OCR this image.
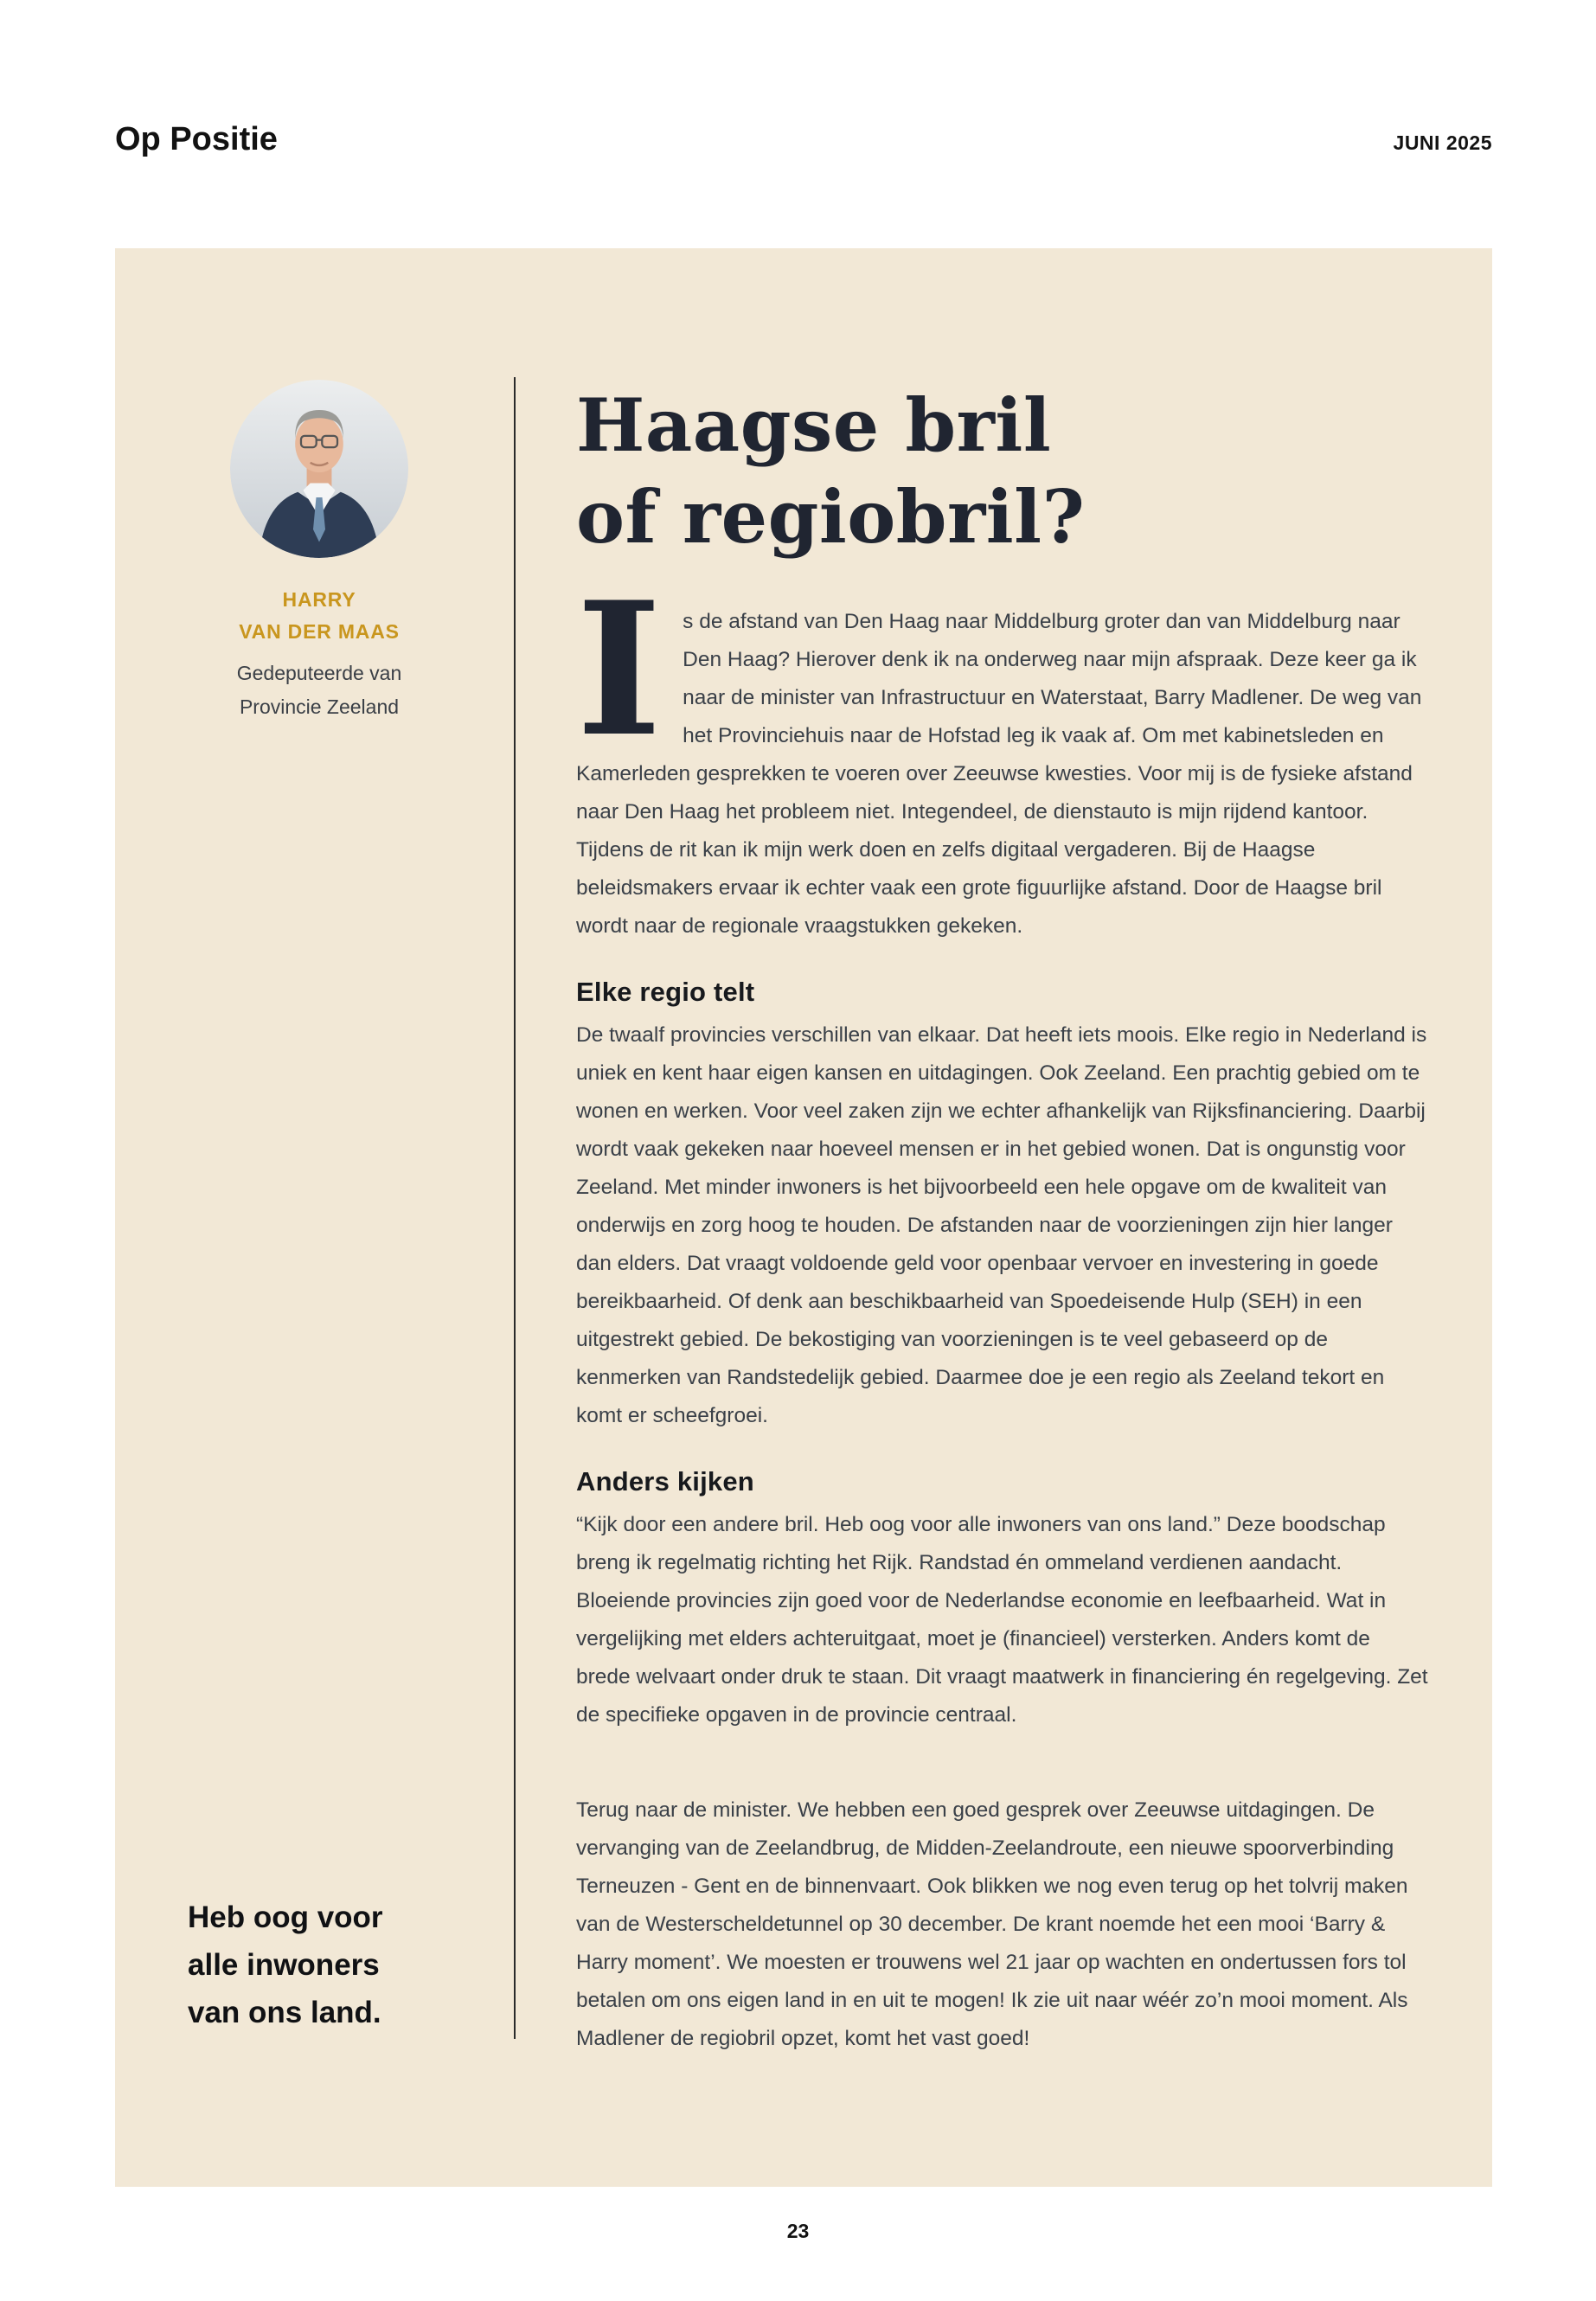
Op Positie	JUNI 2025
HARRY
VAN DER MAAS
Gedeputeerde van
Provincie Zeeland
Haagse bril
of regiobril?

Is de afstand van Den Haag naar Middelburg groter dan van Middelburg naar Den Haag? Hierover denk ik na onderweg naar mijn afspraak. Deze keer ga ik naar de minister van Infrastructuur en Waterstaat, Barry Madlener. De weg van het Provinciehuis naar de Hofstad leg ik vaak af. Om met kabinetsleden en Kamerleden gesprekken te voeren over Zeeuwse kwesties. Voor mij is de fysieke afstand naar Den Haag het probleem niet. Integendeel, de dienstauto is mijn rijdend kantoor. Tijdens de rit kan ik mijn werk doen en zelfs digitaal vergaderen. Bij de Haagse beleidsmakers ervaar ik echter vaak een grote figuurlijke afstand. Door de Haagse bril wordt naar de regionale vraagstukken gekeken.

Elke regio telt
De twaalf provincies verschillen van elkaar. Dat heeft iets moois. Elke regio in Nederland is uniek en kent haar eigen kansen en uitdagingen. Ook Zeeland. Een prachtig gebied om te wonen en werken. Voor veel zaken zijn we echter afhankelijk van Rijksfinanciering. Daarbij wordt vaak gekeken naar hoeveel mensen er in het gebied wonen. Dat is ongunstig voor Zeeland. Met minder inwoners is het bijvoorbeeld een hele opgave om de kwaliteit van onderwijs en zorg hoog te houden. De afstanden naar de voorzieningen zijn hier langer dan elders. Dat vraagt voldoende geld voor openbaar vervoer en investering in goede bereikbaarheid. Of denk aan beschikbaarheid van Spoedeisende Hulp (SEH) in een uitgestrekt gebied. De bekostiging van voorzieningen is te veel gebaseerd op de kenmerken van Randstedelijk gebied. Daarmee doe je een regio als Zeeland tekort en komt er scheefgroei.
Anders kijken
“Kijk door een andere bril. Heb oog voor alle inwoners van ons land.” Deze boodschap breng ik regelmatig richting het Rijk. Randstad én ommeland verdienen aandacht. Bloeiende provincies zijn goed voor de Nederlandse economie en leefbaarheid. Wat in vergelijking met elders achteruitgaat, moet je (financieel) versterken. Anders komt de brede welvaart onder druk te staan. Dit vraagt maatwerk in financiering én regelgeving. Zet de specifieke opgaven in de provincie centraal.
Terug naar de minister. We hebben een goed gesprek over Zeeuwse uitdagingen. De vervanging van de Zeelandbrug, de Midden-Zeelandroute, een nieuwe spoorverbinding Terneuzen - Gent en de binnenvaart. Ook blikken we nog even terug op het tolvrij maken van de Westerscheldetunnel op 30 december. De krant noemde het een mooi ‘Barry & Harry moment’. We moesten er trouwens wel 21 jaar op wachten en ondertussen fors tol betalen om ons eigen land in en uit te mogen! Ik zie uit naar wéér zo’n mooi moment. Als Madlener de regiobril opzet, komt het vast goed!
Heb oog voor
alle inwoners
van ons land.
23
